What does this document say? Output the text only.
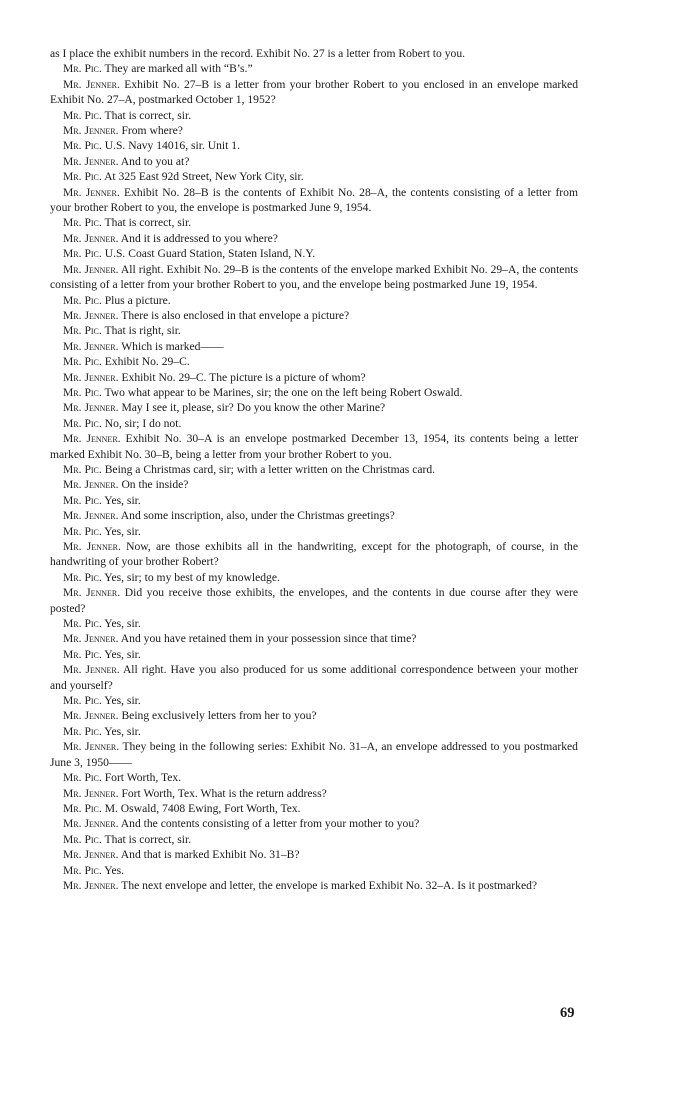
as I place the exhibit numbers in the record. Exhibit No. 27 is a letter from Robert to you.

Mr. Pic. They are marked all with “B’s.”

Mr. Jenner. Exhibit No. 27–B is a letter from your brother Robert to you enclosed in an envelope marked Exhibit No. 27–A, postmarked October 1, 1952?

Mr. Pic. That is correct, sir.

Mr. Jenner. From where?

Mr. Pic. U.S. Navy 14016, sir. Unit 1.

Mr. Jenner. And to you at?

Mr. Pic. At 325 East 92d Street, New York City, sir.

Mr. Jenner. Exhibit No. 28–B is the contents of Exhibit No. 28–A, the contents consisting of a letter from your brother Robert to you, the envelope is postmarked June 9, 1954.

Mr. Pic. That is correct, sir.

Mr. Jenner. And it is addressed to you where?

Mr. Pic. U.S. Coast Guard Station, Staten Island, N.Y.

Mr. Jenner. All right. Exhibit No. 29–B is the contents of the envelope marked Exhibit No. 29–A, the contents consisting of a letter from your brother Robert to you, and the envelope being postmarked June 19, 1954.

Mr. Pic. Plus a picture.

Mr. Jenner. There is also enclosed in that envelope a picture?

Mr. Pic. That is right, sir.

Mr. Jenner. Which is marked——

Mr. Pic. Exhibit No. 29–C.

Mr. Jenner. Exhibit No. 29–C. The picture is a picture of whom?

Mr. Pic. Two what appear to be Marines, sir; the one on the left being Robert Oswald.

Mr. Jenner. May I see it, please, sir? Do you know the other Marine?

Mr. Pic. No, sir; I do not.

Mr. Jenner. Exhibit No. 30–A is an envelope postmarked December 13, 1954, its contents being a letter marked Exhibit No. 30–B, being a letter from your brother Robert to you.

Mr. Pic. Being a Christmas card, sir; with a letter written on the Christmas card.

Mr. Jenner. On the inside?

Mr. Pic. Yes, sir.

Mr. Jenner. And some inscription, also, under the Christmas greetings?

Mr. Pic. Yes, sir.

Mr. Jenner. Now, are those exhibits all in the handwriting, except for the photograph, of course, in the handwriting of your brother Robert?

Mr. Pic. Yes, sir; to my best of my knowledge.

Mr. Jenner. Did you receive those exhibits, the envelopes, and the contents in due course after they were posted?

Mr. Pic. Yes, sir.

Mr. Jenner. And you have retained them in your possession since that time?

Mr. Pic. Yes, sir.

Mr. Jenner. All right. Have you also produced for us some additional correspondence between your mother and yourself?

Mr. Pic. Yes, sir.

Mr. Jenner. Being exclusively letters from her to you?

Mr. Pic. Yes, sir.

Mr. Jenner. They being in the following series: Exhibit No. 31–A, an envelope addressed to you postmarked June 3, 1950——

Mr. Pic. Fort Worth, Tex.

Mr. Jenner. Fort Worth, Tex. What is the return address?

Mr. Pic. M. Oswald, 7408 Ewing, Fort Worth, Tex.

Mr. Jenner. And the contents consisting of a letter from your mother to you?

Mr. Pic. That is correct, sir.

Mr. Jenner. And that is marked Exhibit No. 31–B?

Mr. Pic. Yes.

Mr. Jenner. The next envelope and letter, the envelope is marked Exhibit No. 32–A. Is it postmarked?

69
